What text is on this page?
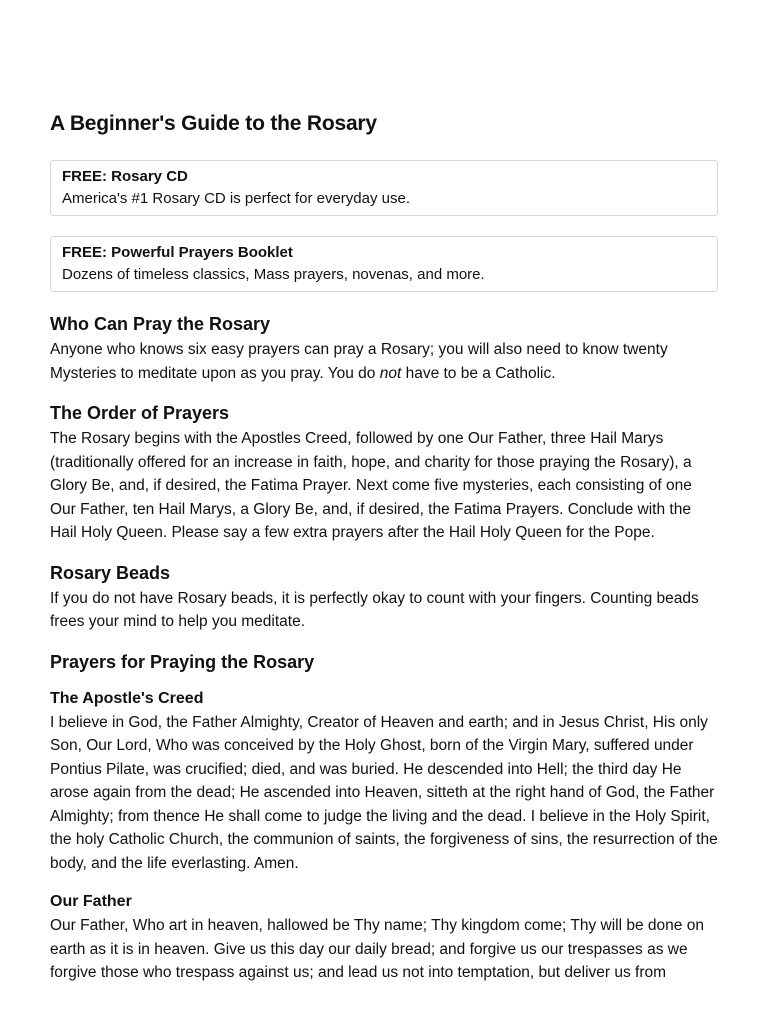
A Beginner's Guide to the Rosary
FREE: Rosary CD
America's #1 Rosary CD is perfect for everyday use.
FREE: Powerful Prayers Booklet
Dozens of timeless classics, Mass prayers, novenas, and more.
Who Can Pray the Rosary

Anyone who knows six easy prayers can pray a Rosary; you will also need to know twenty Mysteries to meditate upon as you pray. You do not have to be a Catholic.

The Order of Prayers

The Rosary begins with the Apostles Creed, followed by one Our Father, three Hail Marys (traditionally offered for an increase in faith, hope, and charity for those praying the Rosary), a Glory Be, and, if desired, the Fatima Prayer. Next come five mysteries, each consisting of one Our Father, ten Hail Marys, a Glory Be, and, if desired, the Fatima Prayers. Conclude with the Hail Holy Queen. Please say a few extra prayers after the Hail Holy Queen for the Pope.

Rosary Beads

If you do not have Rosary beads, it is perfectly okay to count with your fingers. Counting beads frees your mind to help you meditate.

Prayers for Praying the Rosary
The Apostle's Creed

I believe in God, the Father Almighty, Creator of Heaven and earth; and in Jesus Christ, His only Son, Our Lord, Who was conceived by the Holy Ghost, born of the Virgin Mary, suffered under Pontius Pilate, was crucified; died, and was buried. He descended into Hell; the third day He arose again from the dead; He ascended into Heaven, sitteth at the right hand of God, the Father Almighty; from thence He shall come to judge the living and the dead. I believe in the Holy Spirit, the holy Catholic Church, the communion of saints, the forgiveness of sins, the resurrection of the body, and the life everlasting. Amen.

Our Father

Our Father, Who art in heaven, hallowed be Thy name; Thy kingdom come; Thy will be done on earth as it is in heaven. Give us this day our daily bread; and forgive us our trespasses as we forgive those who trespass against us; and lead us not into temptation, but deliver us from
